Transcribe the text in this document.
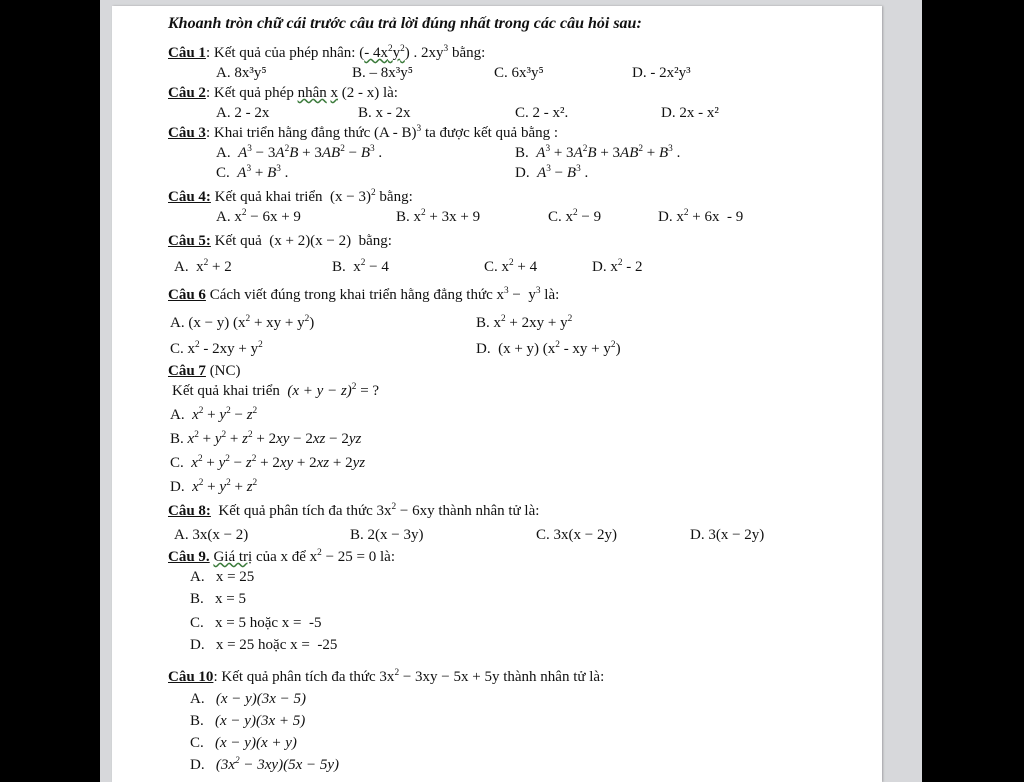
Khoanh tròn chữ cái trước câu trả lời đúng nhất trong các câu hỏi sau:
Câu 1: Kết quả của phép nhân: (- $4x^2y^2$) . $2xy^3$ bằng:
A. 8x³y⁵	B. – 8x³y⁵	C. 6x³y⁵	D. - 2x²y³
Câu 2: Kết quả phép nhân x (2 - x) là:
A. 2 - 2x	B. x - 2x	C. 2 - x².	D. 2x - x²
Câu 3: Khai triển hằng đẳng thức (A - B)$^3$ ta được kết quả bằng :
A.  $A^3 - 3A^2B + 3AB^2 - B^3$ .	B.  $A^3 + 3A^2B + 3AB^2 + B^3$ .
C.  $A^3 + B^3$ .	D.  $A^3 - B^3$ .
Câu 4: Kết quả khai triển  $(x - 3)^2$ bằng:
A. $x^2 - 6x + 9$	B. $x^2 + 3x + 9$	C. $x^2 - 9$	D. $x^2 + 6x - 9$
Câu 5: Kết quả  (x + 2)(x − 2)  bằng:
A.  $x^2 + 2$	B.  $x^2 - 4$	C. $x^2 + 4$	D. $x^2 - 2$
Câu 6 Cách viết đúng trong khai triển hằng đẳng thức $x^3 - y^3$ là:
A. (x − y) ($x^2$ + xy + $y^2$)	B. $x^2 + 2xy + y^2$
C. $x^2 - 2xy + y^2$	D.  (x + y) ($x^2$ - xy + $y^2$)
Câu 7 (NC)
Kết quả khai triển $(x + y - z)^2$ = ?
A.  $x^2 + y^2 - z^2$
B. $x^2 + y^2 + z^2 + 2xy - 2xz - 2yz$
C.  $x^2 + y^2 - z^2 + 2xy + 2xz + 2yz$
D.  $x^2 + y^2 + z^2$
Câu 8:  Kết quả phân tích đa thức $3x^2 - 6xy$ thành nhân tử là:
A. 3x(x − 2)	B. 2(x − 3y)	C. 3x(x − 2y)	D. 3(x − 2y)
Câu 9. Giá trị của x để $x^2 - 25 = 0$ là:
A.   x = 25
B.   x = 5
C.   x = 5 hoặc x =  -5
D.   x = 25 hoặc x =  -25
Câu 10: Kết quả phân tích đa thức $3x^2 - 3xy - 5x + 5y$ thành nhân tử là:
A. (x − y)(3x − 5)
B. (x − y)(3x + 5)
C. (x − y)(x + y)
D. $(3x^2 - 3xy)(5x - 5y)$
